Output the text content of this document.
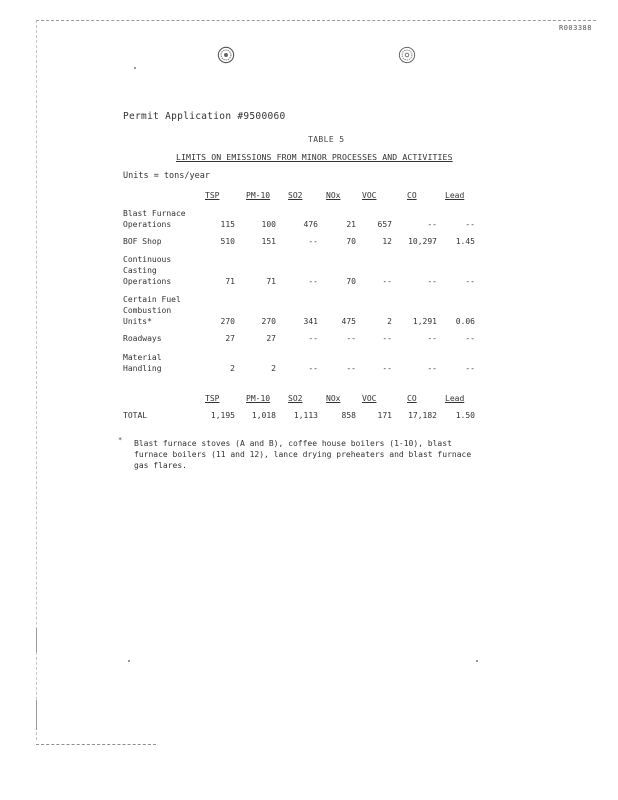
R003388
Permit Application #9500060
TABLE 5
LIMITS ON EMISSIONS FROM MINOR PROCESSES AND ACTIVITIES
Units = tons/year
TSP	PM-10 SO2	NOx	VOC	CO	Lead
Blast Furnace
Operations	115	100	476	21	657	--	--
BOF Shop	510	151	--	70	12	10,297	1.45
Continuous
Casting
Operations	71	71	--	70	--	--	--
Certain Fuel
Combustion
Units*	270	270	341	475	2	1,291	0.06
Roadways	27	27	--	--	--	--	--
Material
Handling	2	2	--	--	--	--	--
TSP	PM-10 SO2	NOx	VOC	CO	Lead
TOTAL	1,195	1,018	1,113	858	171	17,182	1.50
* Blast furnace stoves (A and B), coffee house boilers (1-10), blast
furnace boilers (11 and 12), lance drying preheaters and blast furnace
gas flares.
